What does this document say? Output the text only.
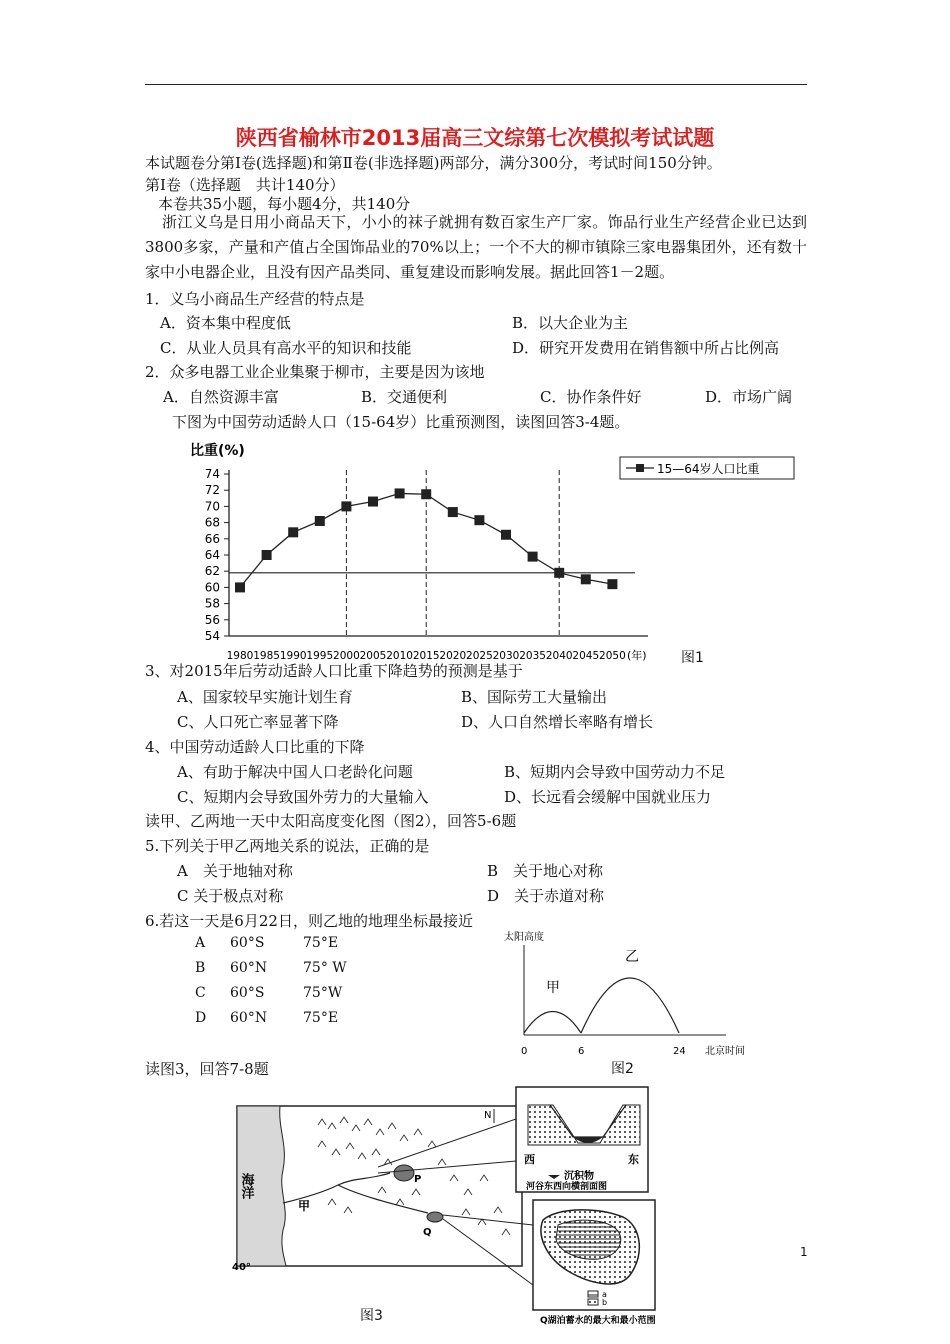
陕西省榆林市2013届高三文综第七次模拟考试试题
本试题卷分第Ⅰ卷(选择题)和第Ⅱ卷(非选择题)两部分，满分300分，考试时间150分钟。
第Ⅰ卷（选择题　共计140分）
本卷共35小题，每小题4分，共140分
浙江义乌是日用小商品天下，小小的袜子就拥有数百家生产厂家。饰品行业生产经营企业已达到3800多家，产量和产值占全国饰品业的70%以上；一个不大的柳市镇除三家电器集团外，还有数十家中小电器企业，且没有因产品类同、重复建设而影响发展。据此回答1－2题。
1．义乌小商品生产经营的特点是
A．资本集中程度低	B．以大企业为主
C．从业人员具有高水平的知识和技能	D．研究开发费用在销售额中所占比例高
2．众多电器工业企业集聚于柳市，主要是因为该地
A．自然资源丰富	B．交通便利	C．协作条件好	D．市场广阔
下图为中国劳动适龄人口（15-64岁）比重预测图，读图回答3-4题。
比重(%)
54
56
58
60
62
64
66
68
70
72
74
1980 1985 1990 1995 2000 2005 2010 2015 2020 2025 2030 2035 2040 2045 2050 (年)
15—64岁人口比重
图1
3、对2015年后劳动适龄人口比重下降趋势的预测是基于
A、国家较早实施计划生育	B、国际劳工大量输出
C、人口死亡率显著下降	D、人口自然增长率略有增长
4、中国劳动适龄人口比重的下降
A、有助于解决中国人口老龄化问题	B、短期内会导致中国劳动力不足
C、短期内会导致国外劳力的大量输入	D、长远看会缓解中国就业压力
读甲、乙两地一天中太阳高度变化图（图2），回答5-6题
5.下列关于甲乙两地关系的说法，正确的是
A　关于地轴对称	B　关于地心对称
C 关于极点对称	D　关于赤道对称
6.若这一天是6月22日，则乙地的地理坐标最接近
A 60°S	75°E
B 60°N	75° W
C 60°S	75°W
D 60°N	75°E
太阳高度
甲
乙
0	6	24 北京时间
读图3，回答7-8题	图2
海洋
N
甲
P
Q
40°
西	东
沉积物
河谷东西向横剖面图
a
b
Q湖泊蓄水的最大和最小范围
图3
1
